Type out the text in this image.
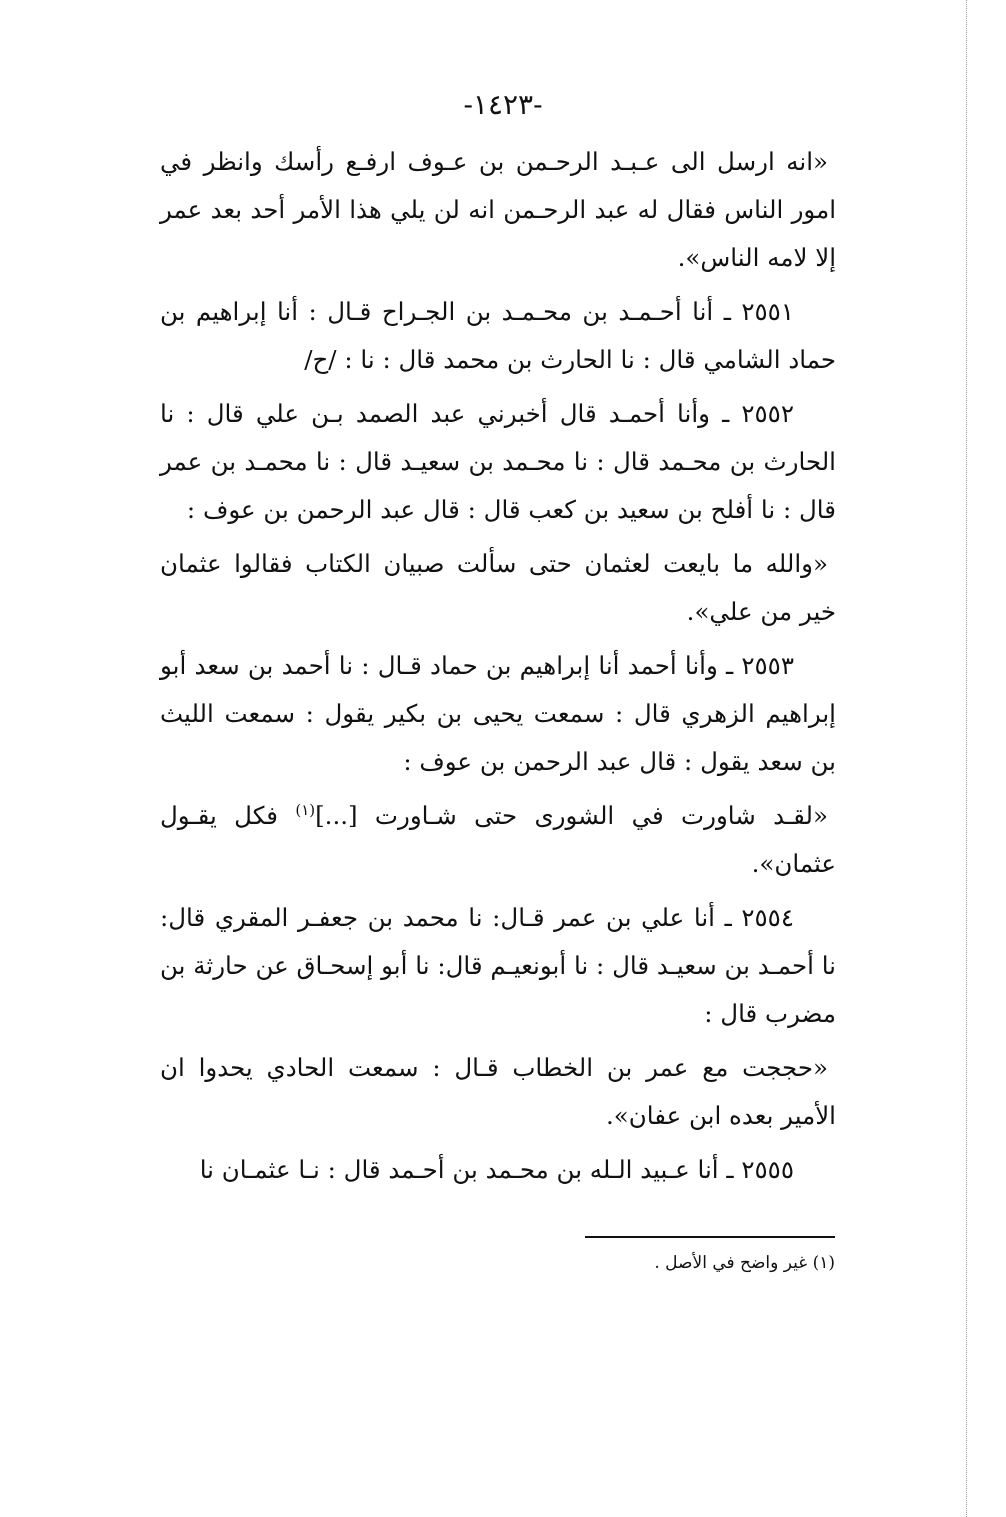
-١٤٢٣-

«انه ارسل الى عـبـد الرحـمن بن عـوف ارفـع رأسك وانظر في امور الناس فقال له عبد الرحـمن انه لن يلي هذا الأمر أحد بعد عمر إلا لامه الناس».

٢٥٥١ ـ أنا أحـمـد بن محـمـد بن الجـراح قـال : أنا إبراهيم بن حماد الشامي قال : نا الحارث بن محمد قال : نا : /ح/

٢٥٥٢ ـ وأنا أحمـد قال أخبرني عبد الصمد بـن علي قال : نا الحارث بن محـمد قال : نا محـمد بن سعيـد قال : نا محمـد بن عمر قال : نا أفلح بن سعيد بن كعب قال : قال عبد الرحمن بن عوف :

«والله ما بايعت لعثمان حتى سألت صبيان الكتاب فقالوا عثمان خير من علي».

٢٥٥٣ ـ وأنا أحمد أنا إبراهيم بن حماد قـال : نا أحمد بن سعد أبو إبراهيم الزهري قال : سمعت يحيى بن بكير يقول : سمعت الليث بن سعد يقول : قال عبد الرحمن بن عوف :

«لقـد شاورت في الشورى حتى شـاورت [...]$^{(١)}$ فكل يقـول عثمان».

٢٥٥٤ ـ أنا علي بن عمر قـال: نا محمد بن جعفـر المقري قال: نا أحمـد بن سعيـد قال : نا أبونعيـم قال: نا أبو إسحـاق عن حارثة بن مضرب قال :

«حججت مع عمر بن الخطاب قـال : سمعت الحادي يحدوا ان الأمير بعده ابن عفان».

٢٥٥٥ ـ أنا عـبيد الـله بن محـمد بن أحـمد قال : نـا عثمـان نا

(١) غير واضح في الأصل .
